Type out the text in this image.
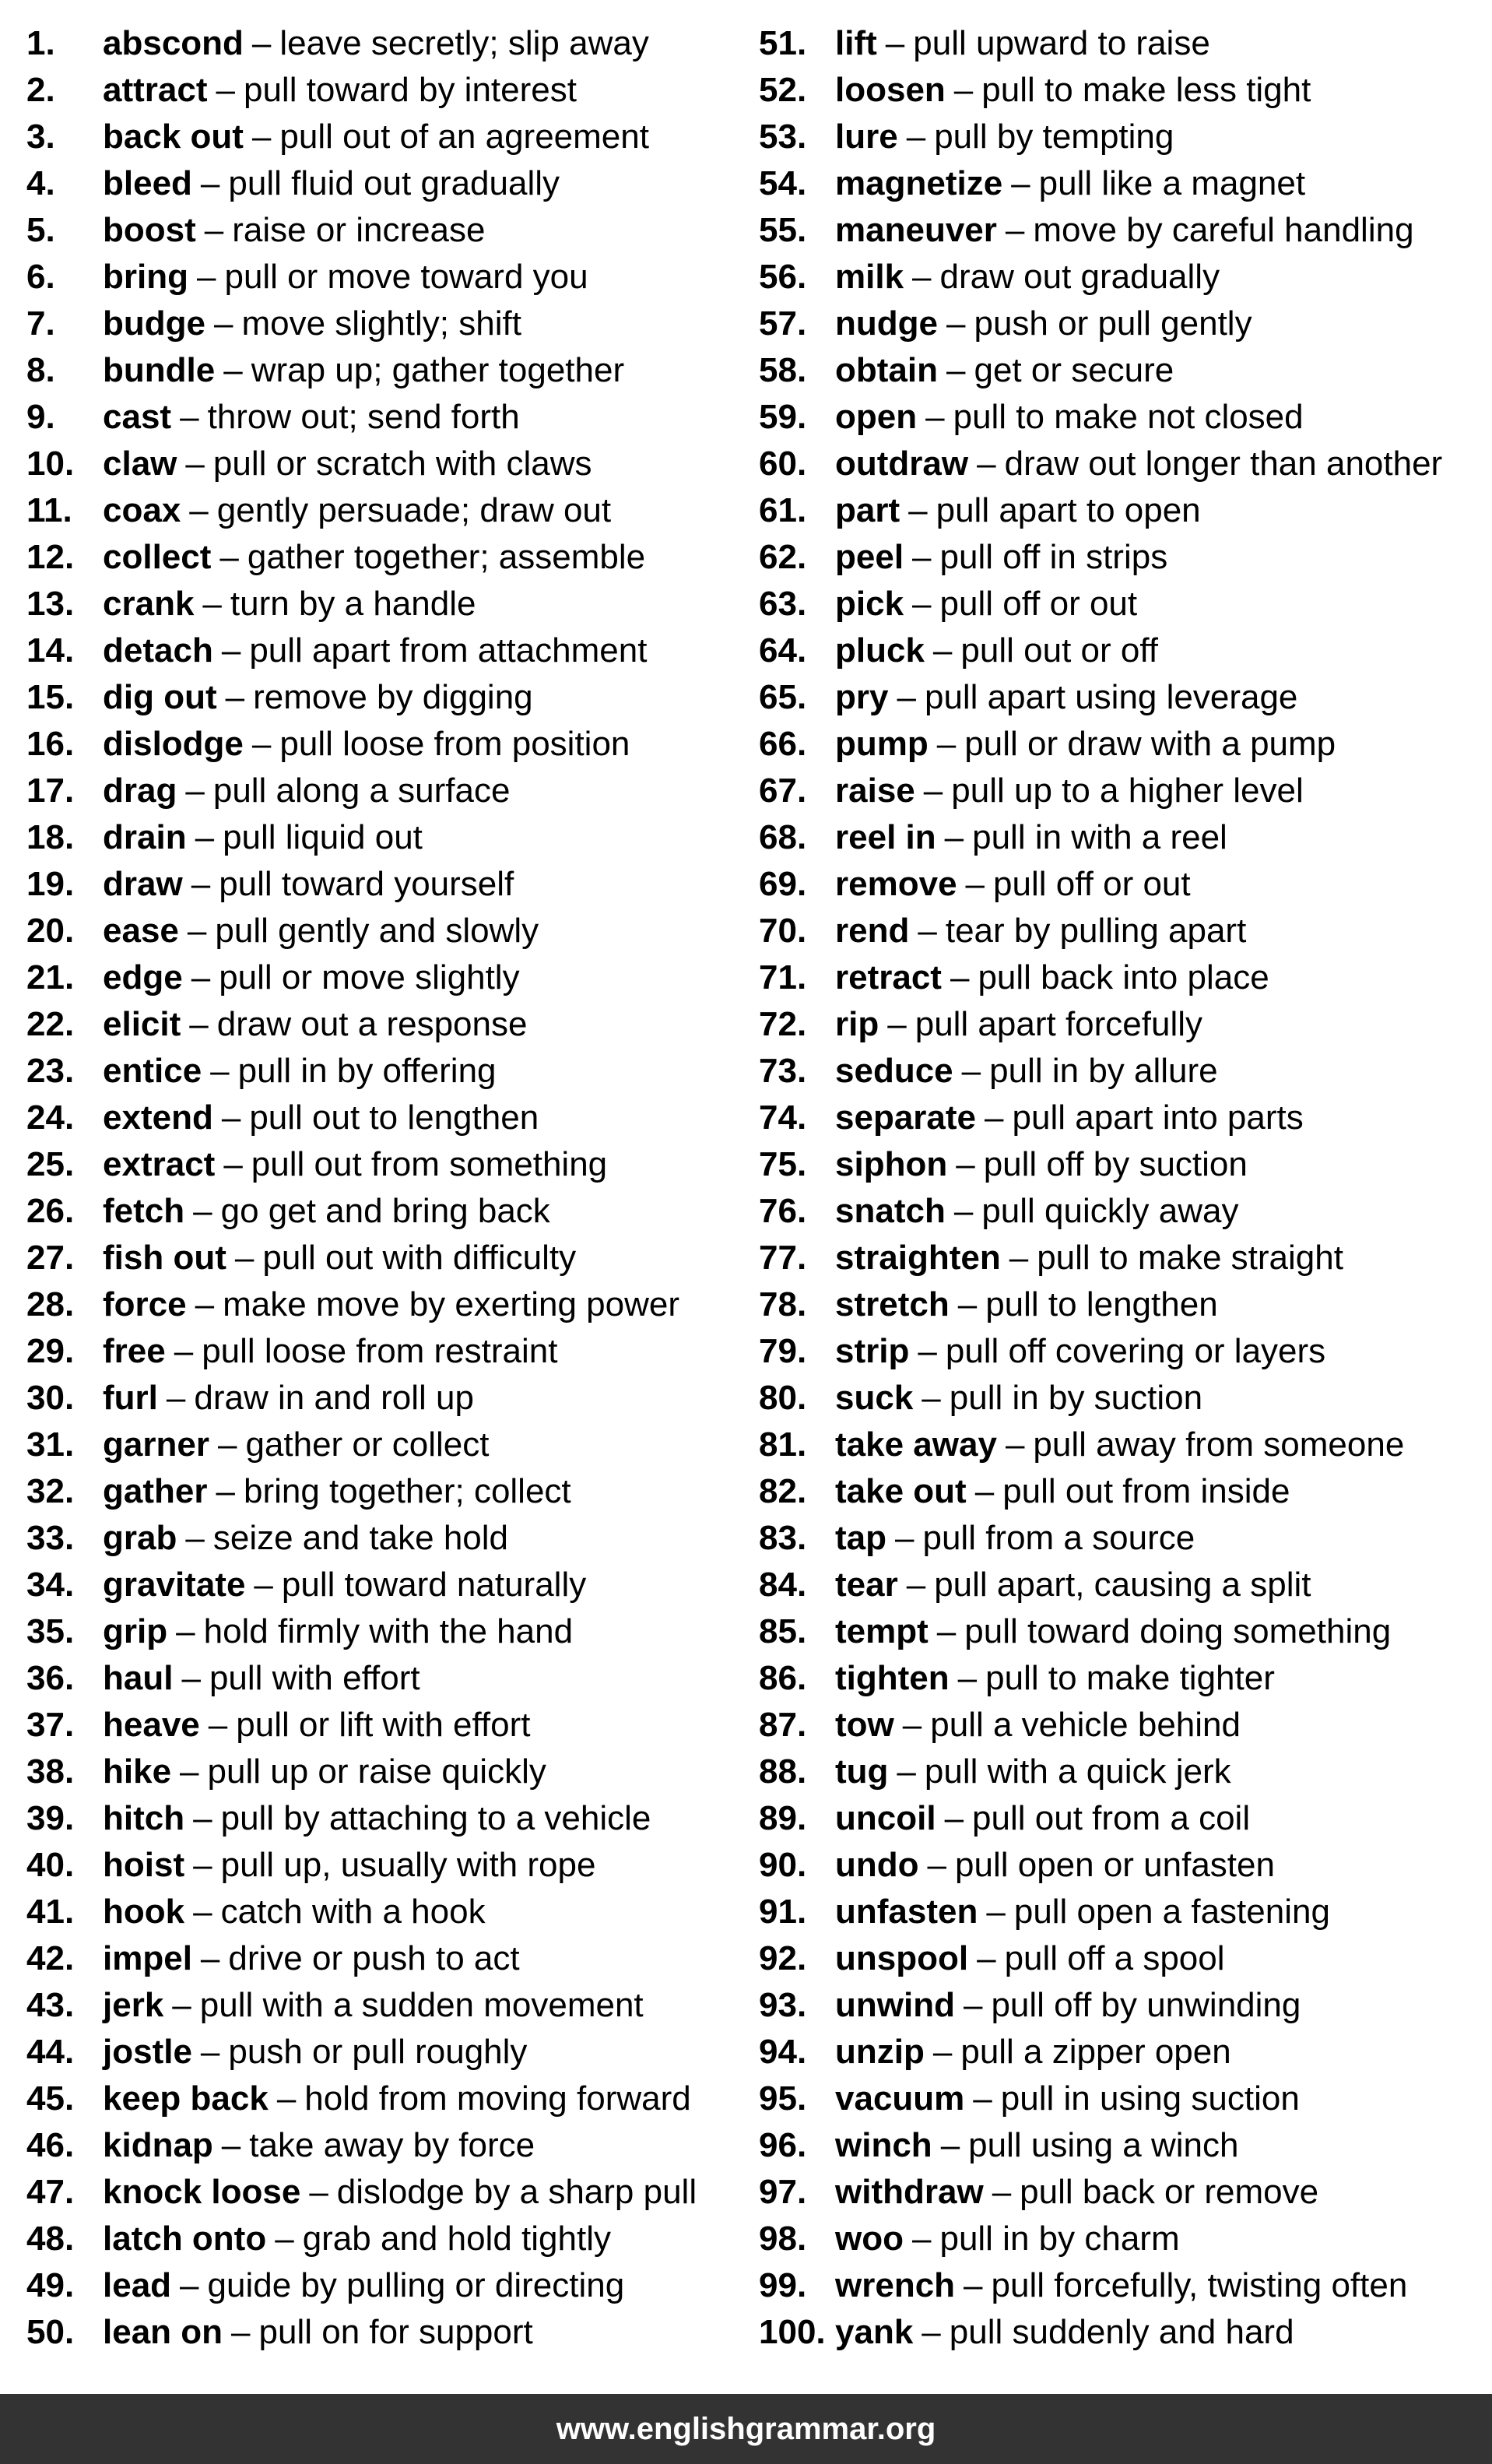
1. abscond – leave secretly; slip away
2. attract – pull toward by interest
3. back out – pull out of an agreement
4. bleed – pull fluid out gradually
5. boost – raise or increase
6. bring – pull or move toward you
7. budge – move slightly; shift
8. bundle – wrap up; gather together
9. cast – throw out; send forth
10. claw – pull or scratch with claws
11. coax – gently persuade; draw out
12. collect – gather together; assemble
13. crank – turn by a handle
14. detach – pull apart from attachment
15. dig out – remove by digging
16. dislodge – pull loose from position
17. drag – pull along a surface
18. drain – pull liquid out
19. draw – pull toward yourself
20. ease – pull gently and slowly
21. edge – pull or move slightly
22. elicit – draw out a response
23. entice – pull in by offering
24. extend – pull out to lengthen
25. extract – pull out from something
26. fetch – go get and bring back
27. fish out – pull out with difficulty
28. force – make move by exerting power
29. free – pull loose from restraint
30. furl – draw in and roll up
31. garner – gather or collect
32. gather – bring together; collect
33. grab – seize and take hold
34. gravitate – pull toward naturally
35. grip – hold firmly with the hand
36. haul – pull with effort
37. heave – pull or lift with effort
38. hike – pull up or raise quickly
39. hitch – pull by attaching to a vehicle
40. hoist – pull up, usually with rope
41. hook – catch with a hook
42. impel – drive or push to act
43. jerk – pull with a sudden movement
44. jostle – push or pull roughly
45. keep back – hold from moving forward
46. kidnap – take away by force
47. knock loose – dislodge by a sharp pull
48. latch onto – grab and hold tightly
49. lead – guide by pulling or directing
50. lean on – pull on for support
51. lift – pull upward to raise
52. loosen – pull to make less tight
53. lure – pull by tempting
54. magnetize – pull like a magnet
55. maneuver – move by careful handling
56. milk – draw out gradually
57. nudge – push or pull gently
58. obtain – get or secure
59. open – pull to make not closed
60. outdraw – draw out longer than another
61. part – pull apart to open
62. peel – pull off in strips
63. pick – pull off or out
64. pluck – pull out or off
65. pry – pull apart using leverage
66. pump – pull or draw with a pump
67. raise – pull up to a higher level
68. reel in – pull in with a reel
69. remove – pull off or out
70. rend – tear by pulling apart
71. retract – pull back into place
72. rip – pull apart forcefully
73. seduce – pull in by allure
74. separate – pull apart into parts
75. siphon – pull off by suction
76. snatch – pull quickly away
77. straighten – pull to make straight
78. stretch – pull to lengthen
79. strip – pull off covering or layers
80. suck – pull in by suction
81. take away – pull away from someone
82. take out – pull out from inside
83. tap – pull from a source
84. tear – pull apart, causing a split
85. tempt – pull toward doing something
86. tighten – pull to make tighter
87. tow – pull a vehicle behind
88. tug – pull with a quick jerk
89. uncoil – pull out from a coil
90. undo – pull open or unfasten
91. unfasten – pull open a fastening
92. unspool – pull off a spool
93. unwind – pull off by unwinding
94. unzip – pull a zipper open
95. vacuum – pull in using suction
96. winch – pull using a winch
97. withdraw – pull back or remove
98. woo – pull in by charm
99. wrench – pull forcefully, twisting often
100. yank – pull suddenly and hard
www.englishgrammar.org
